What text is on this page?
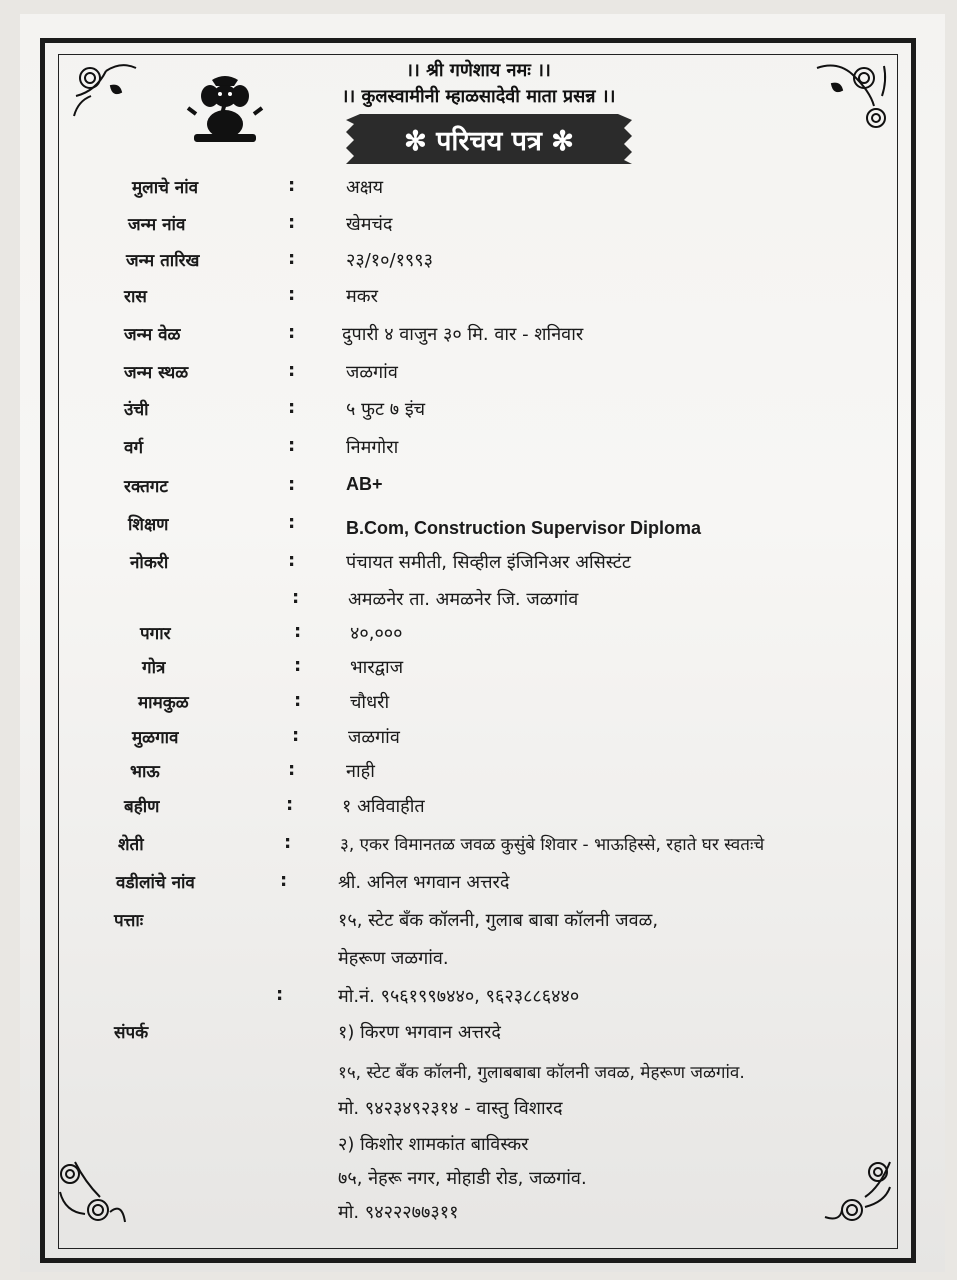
।। श्री गणेशाय नमः ।।
।। कुलस्वामीनी म्हाळसादेवी माता प्रसन्न ।।
✻ परिचय पत्र ✻
मुलाचे नांव	:	अक्षय
जन्म नांव	:	खेमचंद
जन्म तारिख	:	२३/१०/१९९३
रास	:	मकर
जन्म वेळ	:	दुपारी ४ वाजुन ३० मि. वार - शनिवार
जन्म स्थळ	:	जळगांव
उंची	:	५ फुट ७ इंच
वर्ग	:	निमगोरा
रक्तगट	:	AB+
शिक्षण	:	B.Com, Construction Supervisor Diploma
नोकरी	:	पंचायत समीती, सिव्हील इंजिनिअर असिस्टंट
:	अमळनेर ता. अमळनेर जि. जळगांव
पगार	:	४०,०००
गोत्र	:	भारद्वाज
मामकुळ	:	चौधरी
मुळगाव	:	जळगांव
भाऊ	:	नाही
बहीण	:	१ अविवाहीत
शेती	:	३, एकर विमानतळ जवळ कुसुंबे शिवार - भाऊहिस्से, रहाते घर स्वतःचे
वडीलांचे नांव	:	श्री. अनिल भगवान अत्तरदे
पत्ताः	१५, स्टेट बँक कॉलनी, गुलाब बाबा कॉलनी जवळ,
मेहरूण जळगांव.
:	मो.नं. ९५६१९९७४४०, ९६२३८८६४४०
संपर्क	१) किरण भगवान अत्तरदे
१५, स्टेट बँक कॉलनी, गुलाबबाबा कॉलनी जवळ, मेहरूण जळगांव.
मो. ९४२३४९२३१४ - वास्तु विशारद
२) किशोर शामकांत बाविस्कर
७५, नेहरू नगर, मोहाडी रोड, जळगांव.
मो. ९४२२२७७३११
